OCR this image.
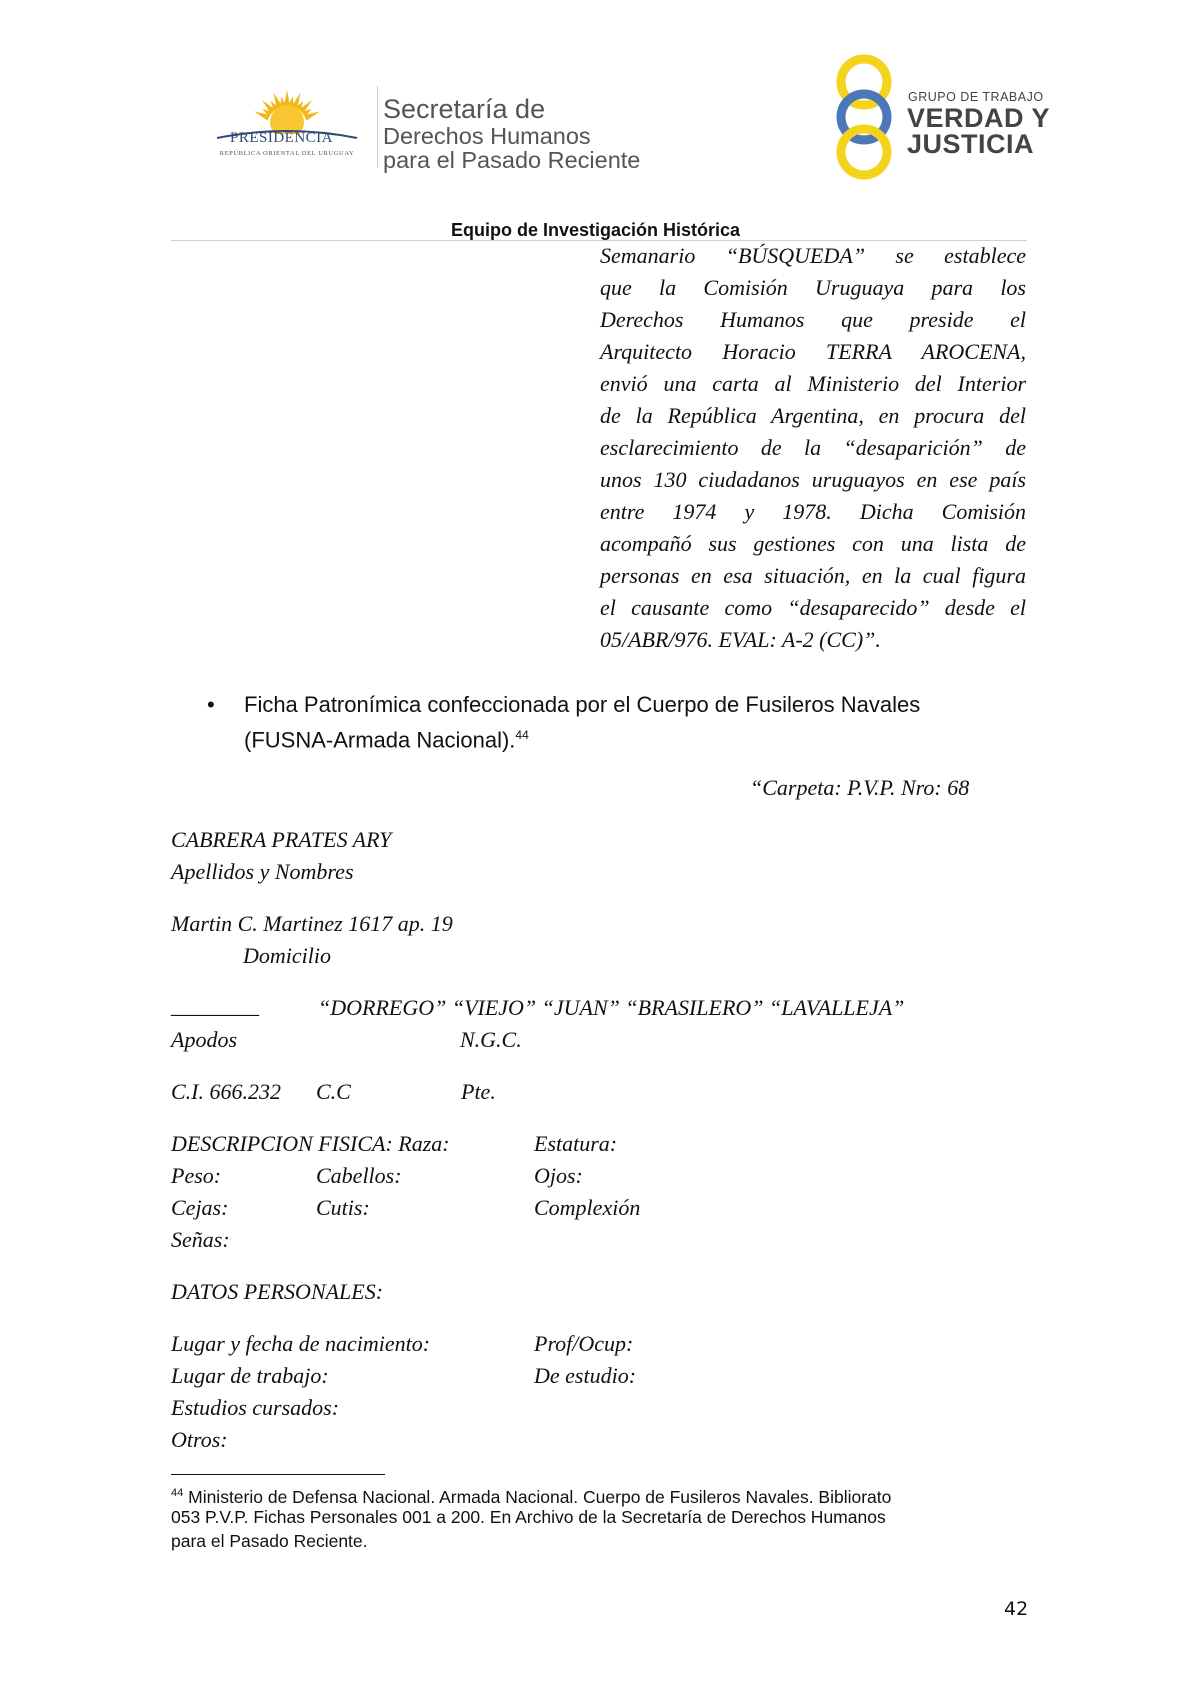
PRESIDENCIA
REPÚBLICA ORIENTAL DEL URUGUAY
Secretaría de
Derechos Humanos
para el Pasado Reciente
GRUPO DE TRABAJO
VERDAD Y
JUSTICIA
Equipo de Investigación Histórica
Semanario “BÚSQUEDA” se establece
que la Comisión Uruguaya para los
Derechos Humanos que preside el
Arquitecto Horacio TERRA AROCENA,
envió una carta al Ministerio del Interior
de la República Argentina, en procura del
esclarecimiento de la “desaparición” de
unos 130 ciudadanos uruguayos en ese país
entre 1974 y 1978. Dicha Comisión
acompañó sus gestiones con una lista de
personas en esa situación, en la cual figura
el causante como “desaparecido” desde el
05/ABR/976. EVAL: A-2 (CC)”.
• Ficha Patronímica confeccionada por el Cuerpo de Fusileros Navales
(FUSNA-Armada Nacional).$^{44}$
“Carpeta: P.V.P. Nro: 68
CABRERA PRATES ARY
Apellidos y Nombres
Martin C. Martinez 1617 ap. 19
Domicilio
________	“DORREGO” “VIEJO” “JUAN” “BRASILERO” “LAVALLEJA”
Apodos	N.G.C.
C.I. 666.232 C.C	Pte.
DESCRIPCION FISICA: Raza:	Estatura:
Peso:	Cabellos:	Ojos:
Cejas:	Cutis:	Complexión
Señas:
DATOS PERSONALES:
Lugar y fecha de nacimiento:	Prof/Ocup:
Lugar de trabajo:	De estudio:
Estudios cursados:
Otros:
$^{44}$ Ministerio de Defensa Nacional. Armada Nacional. Cuerpo de Fusileros Navales. Biblioratо
053 P.V.P. Fichas Personales 001 a 200. En Archivo de la Secretaría de Derechos Humanos
para el Pasado Reciente.
42
